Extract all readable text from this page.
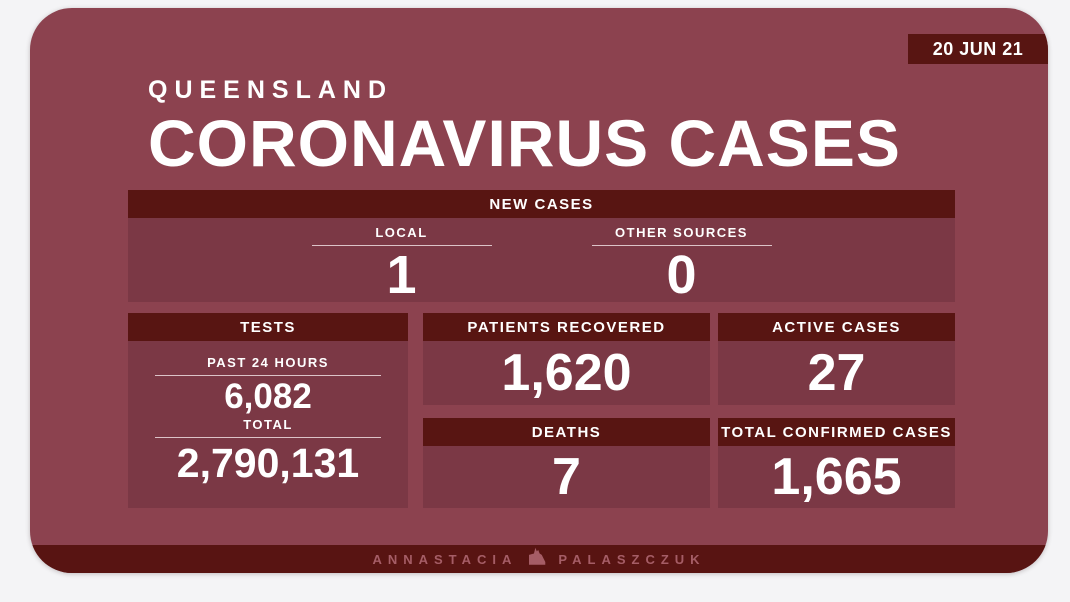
20 JUN 21
QUEENSLAND
CORONAVIRUS CASES
NEW CASES
LOCAL
1
OTHER SOURCES
0
TESTS
PAST 24 HOURS
6,082
TOTAL
2,790,131
PATIENTS RECOVERED
1,620
DEATHS
7
ACTIVE CASES
27
TOTAL CONFIRMED CASES
1,665
ANNASTACIA	PALASZCZUK
